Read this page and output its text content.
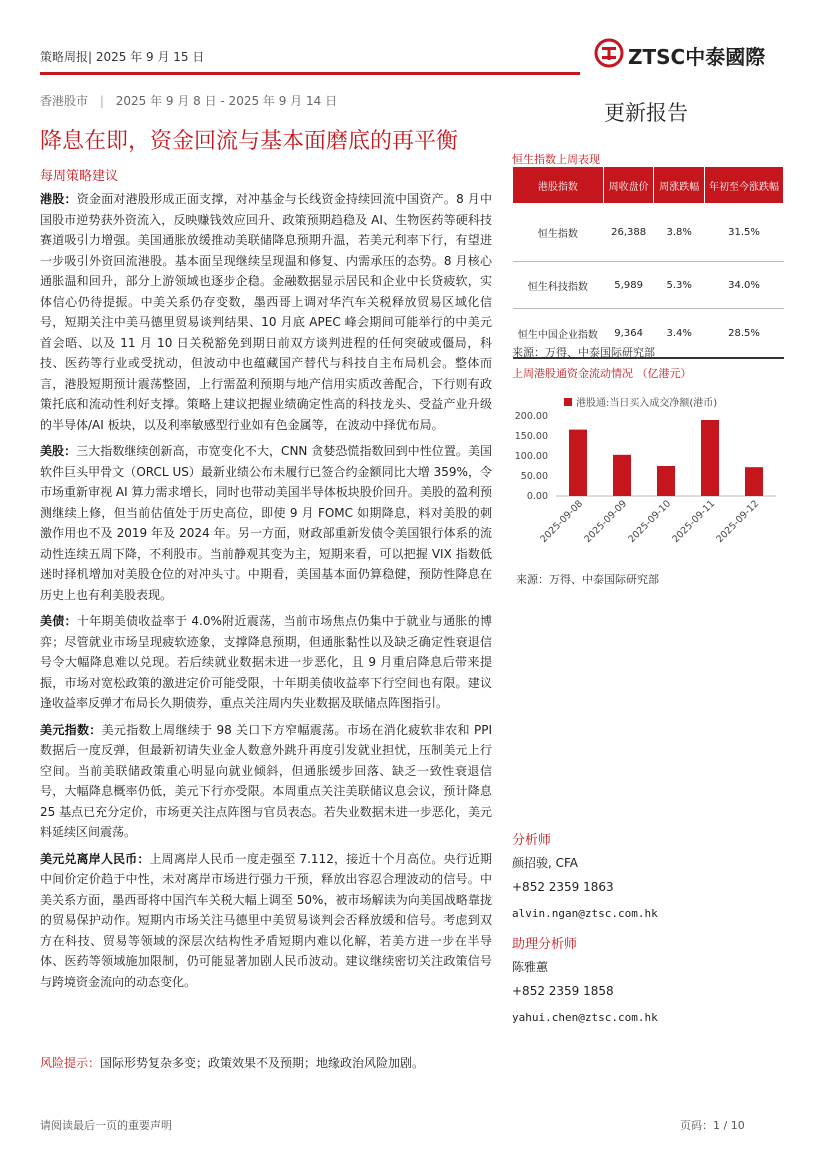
策略周报| 2025 年 9 月 15 日	ZTSC中泰國際
香港股市 | 2025 年 9 月 8 日 - 2025 年 9 月 14 日	更新报告
降息在即，资金回流与基本面磨底的再平衡
每周策略建议

港股：资金面对港股形成正面支撑，对冲基金与长线资金持续回流中国资产。8 月中国股市逆势获外资流入，反映赚钱效应回升、政策预期趋稳及 AI、生物医药等硬科技赛道吸引力增强。美国通胀放缓推动美联储降息预期升温，若美元利率下行，有望进一步吸引外资回流港股。基本面呈现继续呈现温和修复、内需承压的态势。8 月核心通胀温和回升，部分上游领域也逐步企稳。金融数据显示居民和企业中长贷疲软，实体信心仍待提振。中美关系仍存变数，墨西哥上调对华汽车关税释放贸易区域化信号，短期关注中美马德里贸易谈判结果、10 月底 APEC 峰会期间可能举行的中美元首会晤、以及 11 月 10 日关税豁免到期日前双方谈判进程的任何突破或僵局，科技、医药等行业或受扰动，但波动中也蕴藏国产替代与科技自主布局机会。整体而言，港股短期预计震荡整固，上行需盈利预期与地产信用实质改善配合，下行则有政策托底和流动性利好支撑。策略上建议把握业绩确定性高的科技龙头、受益产业升级的半导体/AI 板块，以及利率敏感型行业如有色金属等，在波动中择优布局。

美股：三大指数继续创新高，市宽变化不大，CNN 贪婪恐慌指数回到中性位置。美国软件巨头甲骨文（ORCL US）最新业绩公布未履行已签合约金额同比大增 359%，令市场重新审视 AI 算力需求增长，同时也带动美国半导体板块股价回升。美股的盈利预测继续上修，但当前估值处于历史高位，即使 9 月 FOMC 如期降息，料对美股的刺激作用也不及 2019 年及 2024 年。另一方面，财政部重新发债令美国银行体系的流动性连续五周下降，不利股市。当前静观其变为主，短期来看，可以把握 VIX 指数低迷时择机增加对美股仓位的对冲头寸。中期看，美国基本面仍算稳健，预防性降息在历史上也有利美股表现。

美债：十年期美债收益率于 4.0%附近震荡，当前市场焦点仍集中于就业与通胀的博弈；尽管就业市场呈现疲软迹象，支撑降息预期，但通胀黏性以及缺乏确定性衰退信号令大幅降息难以兑现。若后续就业数据未进一步恶化，且 9 月重启降息后带来提振，市场对宽松政策的激进定价可能受限，十年期美债收益率下行空间也有限。建议逢收益率反弹才布局长久期债券，重点关注周内失业数据及联储点阵图指引。

美元指数：美元指数上周继续于 98 关口下方窄幅震荡。市场在消化疲软非农和 PPI 数据后一度反弹，但最新初请失业金人数意外跳升再度引发就业担忧，压制美元上行空间。当前美联储政策重心明显向就业倾斜，但通胀缓步回落、缺乏一致性衰退信号，大幅降息概率仍低，美元下行亦受限。本周重点关注美联储议息会议，预计降息 25 基点已充分定价，市场更关注点阵图与官员表态。若失业数据未进一步恶化，美元料延续区间震荡。

美元兑离岸人民币：上周离岸人民币一度走强至 7.112，接近十个月高位。央行近期中间价定价趋于中性，未对离岸市场进行强力干预，释放出容忍合理波动的信号。中美关系方面，墨西哥将中国汽车关税大幅上调至 50%，被市场解读为向美国战略靠拢的贸易保护动作。短期内市场关注马德里中美贸易谈判会否释放缓和信号。考虑到双方在科技、贸易等领域的深层次结构性矛盾短期内难以化解，若美方进一步在半导体、医药等领域施加限制，仍可能显著加剧人民币波动。建议继续密切关注政策信号与跨境资金流向的动态变化。

恒生指数上周表现
港股指数	周收盘价	周涨跌幅	年初至今涨跌幅
恒生指数	26,388	3.8%	31.5%
恒生科技指数	5,989	5.3%	34.0%
恒生中国企业指数	9,364	3.4%	28.5%
来源：万得、中泰国际研究部
上周港股通资金流动情况 （亿港元）
港股通:当日买入成交净额(港币)
0.00
50.00
100.00
150.00
200.00
2025-09-08
2025-09-09
2025-09-10
2025-09-11
2025-09-12
来源：万得、中泰国际研究部
分析师
颜招骏, CFA
+852 2359 1863
alvin.ngan@ztsc.com.hk
助理分析师
陈雅蕙
+852 2359 1858
yahui.chen@ztsc.com.hk
风险提示：国际形势复杂多变；政策效果不及预期；地缘政治风险加剧。
请阅读最后一页的重要声明	页码：1 / 10
